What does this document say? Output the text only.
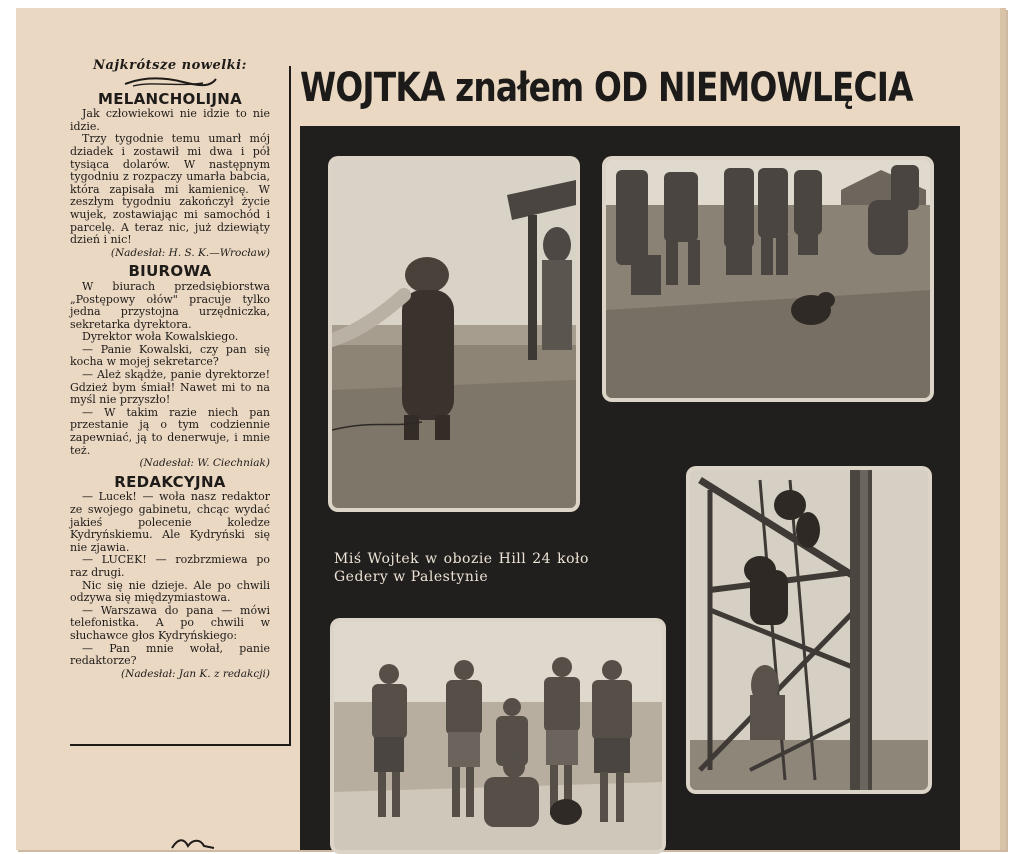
Najkrótsze nowelki:
MELANCHOLIJNA

Jak człowiekowi nie idzie to nie idzie.

Trzy tygodnie temu umarł mój dziadek i zostawił mi dwa i pół tysiąca dolarów. W następnym tygodniu z rozpaczy umarła babcia, która zapisała mi kamienicę. W zeszłym tygodniu zakończył życie wujek, zostawiając mi samochód i parcelę. A teraz nic, już dziewiąty dzień i nic!

(Nadesłał: H. S. K.—Wrocław)

BIUROWA

W biurach przedsiębiorstwa „Postępowy ołów" pracuje tylko jedna przystojna urzędniczka, sekretarka dyrektora.

Dyrektor woła Kowalskiego.

— Panie Kowalski, czy pan się kocha w mojej sekretarce?

— Ależ skądże, panie dyrektorze! Gdzież bym śmiał! Nawet mi to na myśl nie przyszło!

— W takim razie niech pan przestanie ją o tym codziennie zapewniać, ją to denerwuje, i mnie też.

(Nadesłał: W. Ciechniak)

REDAKCYJNA

— Lucek! — woła nasz redaktor ze swojego gabinetu, chcąc wydać jakieś polecenie koledze Kydryńskiemu. Ale Kydryński się nie zjawia.

— LUCEK! — rozbrzmiewa po raz drugi.

Nic się nie dzieje. Ale po chwili odzywa się międzymiastowa.

— Warszawa do pana — mówi telefonistka. A po chwili w słuchawce głos Kydryńskiego:

— Pan mnie wołał, panie redaktorze?

(Nadesłał: Jan K. z redakcji)

WOJTKA znałem OD NIEMOWLĘCIA
Miś Wojtek w obozie Hill 24 koło Gedery w Palestynie
